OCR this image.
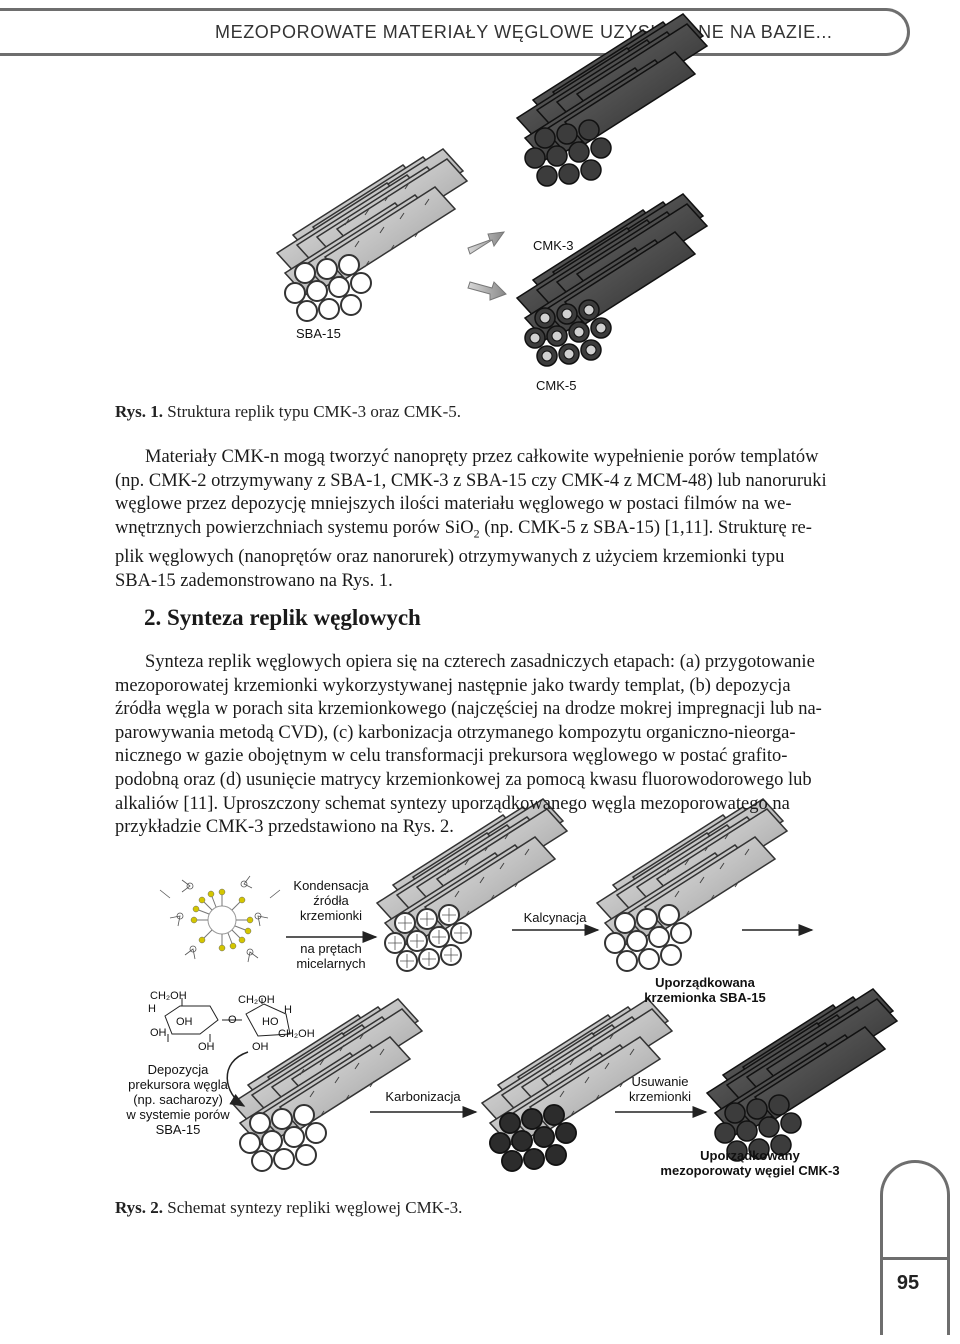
MEZOPOROWATE MATERIAŁY WĘGLOWE UZYSKIWANE NA BAZIE...
SBA-15
CMK-3
CMK-5
Rys. 1. Struktura replik typu CMK-3 oraz CMK-5.

Materiały CMK-n mogą tworzyć nanopręty przez całkowite wypełnienie porów templatów

(np. CMK-2 otrzymywany z SBA-1, CMK-3 z SBA-15 czy CMK-4 z MCM-48) lub nanoruruki
węglowe przez depozycję mniejszych ilości materiału węglowego w postaci filmów na we-
wnętrznych powierzchniach systemu porów SiO$_2$ (np. CMK-5 z SBA-15) [1,11]. Strukturę re-
plik węglowych (nanoprętów oraz nanorurek) otrzymywanych z użyciem krzemionki typu
SBA-15 zademonstrowano na Rys. 1.
2. Synteza replik węglowych

Synteza replik węglowych opiera się na czterech zasadniczych etapach: (a) przygotowanie

mezoporowatej krzemionki wykorzystywanej następnie jako twardy templat, (b) depozycja
źródła węgla w porach sita krzemionkowego (najczęściej na drodze mokrej impregnacji lub na-
parowywania metodą CVD), (c) karbonizacja otrzymanego kompozytu organiczno-nieorga-
nicznego w gazie obojętnym w celu transformacji prekursora węglowego w postać grafito-
podobną oraz (d) usunięcie matrycy krzemionkowej za pomocą kwasu fluorowodorowego lub
alkaliów [11]. Uproszczony schemat syntezy uporządkowanego węgla mezoporowatego na
przykładzie CMK-3 przedstawiono na Rys. 2.
Kondensacja
źródła
krzemionki
na prętach
micelarnych
Kalcynacja
Uporządkowana
krzemionka SBA-15
CH₂OH	CH₂OH
CH₂OH
OH
OH
OH	OH
O	HO
H	H
Depozycja
prekursora węgla
(np. sacharozy)
w systemie porów
SBA-15
Karbonizacja
Usuwanie
krzemionki
Uporządkowany
mezoporowaty węgiel CMK-3
Rys. 2. Schemat syntezy repliki węglowej CMK-3.
95
